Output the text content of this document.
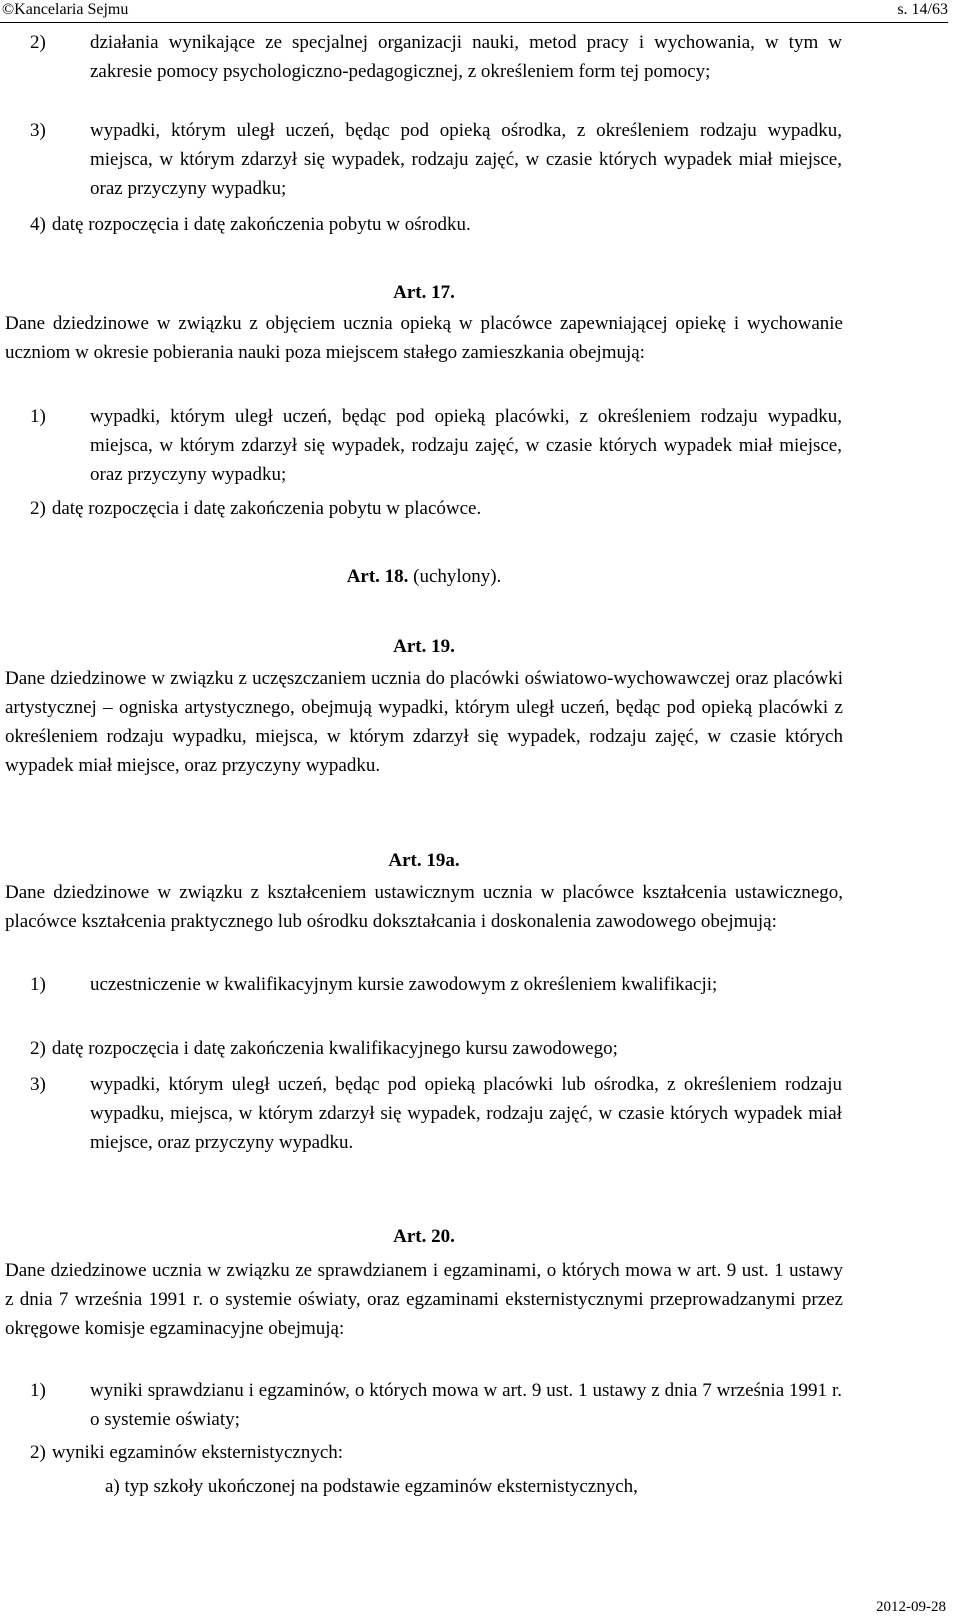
©Kancelaria Sejmu	s. 14/63
2) działania wynikające ze specjalnej organizacji nauki, metod pracy i wychowania, w tym w zakresie pomocy psychologiczno-pedagogicznej, z określeniem form tej pomocy;
3) wypadki, którym uległ uczeń, będąc pod opieką ośrodka, z określeniem rodzaju wypadku, miejsca, w którym zdarzył się wypadek, rodzaju zajęć, w czasie których wypadek miał miejsce, oraz przyczyny wypadku;
4) datę rozpoczęcia i datę zakończenia pobytu w ośrodku.
Art. 17.

Dane dziedzinowe w związku z objęciem ucznia opieką w placówce zapewniającej opiekę i wychowanie uczniom w okresie pobierania nauki poza miejscem stałego zamieszkania obejmują:

1) wypadki, którym uległ uczeń, będąc pod opieką placówki, z określeniem rodzaju wypadku, miejsca, w którym zdarzył się wypadek, rodzaju zajęć, w czasie których wypadek miał miejsce, oraz przyczyny wypadku;
2) datę rozpoczęcia i datę zakończenia pobytu w placówce.
Art. 18. (uchylony).
Art. 19.

Dane dziedzinowe w związku z uczęszczaniem ucznia do placówki oświatowo-wychowawczej oraz placówki artystycznej – ogniska artystycznego, obejmują wypadki, którym uległ uczeń, będąc pod opieką placówki z określeniem rodzaju wypadku, miejsca, w którym zdarzył się wypadek, rodzaju zajęć, w czasie których wypadek miał miejsce, oraz przyczyny wypadku.

Art. 19a.

Dane dziedzinowe w związku z kształceniem ustawicznym ucznia w placówce kształcenia ustawicznego, placówce kształcenia praktycznego lub ośrodku dokształcania i doskonalenia zawodowego obejmują:

1) uczestniczenie w kwalifikacyjnym kursie zawodowym z określeniem kwalifikacji;
2) datę rozpoczęcia i datę zakończenia kwalifikacyjnego kursu zawodowego;
3) wypadki, którym uległ uczeń, będąc pod opieką placówki lub ośrodka, z określeniem rodzaju wypadku, miejsca, w którym zdarzył się wypadek, rodzaju zajęć, w czasie których wypadek miał miejsce, oraz przyczyny wypadku.
Art. 20.

Dane dziedzinowe ucznia w związku ze sprawdzianem i egzaminami, o których mowa w art. 9 ust. 1 ustawy z dnia 7 września 1991 r. o systemie oświaty, oraz egzaminami eksternistycznymi przeprowadzanymi przez okręgowe komisje egzaminacyjne obejmują:

1) wyniki sprawdzianu i egzaminów, o których mowa w art. 9 ust. 1 ustawy z dnia 7 września 1991 r. o systemie oświaty;
2) wyniki egzaminów eksternistycznych:
a) typ szkoły ukończonej na podstawie egzaminów eksternistycznych,
2012-09-28
